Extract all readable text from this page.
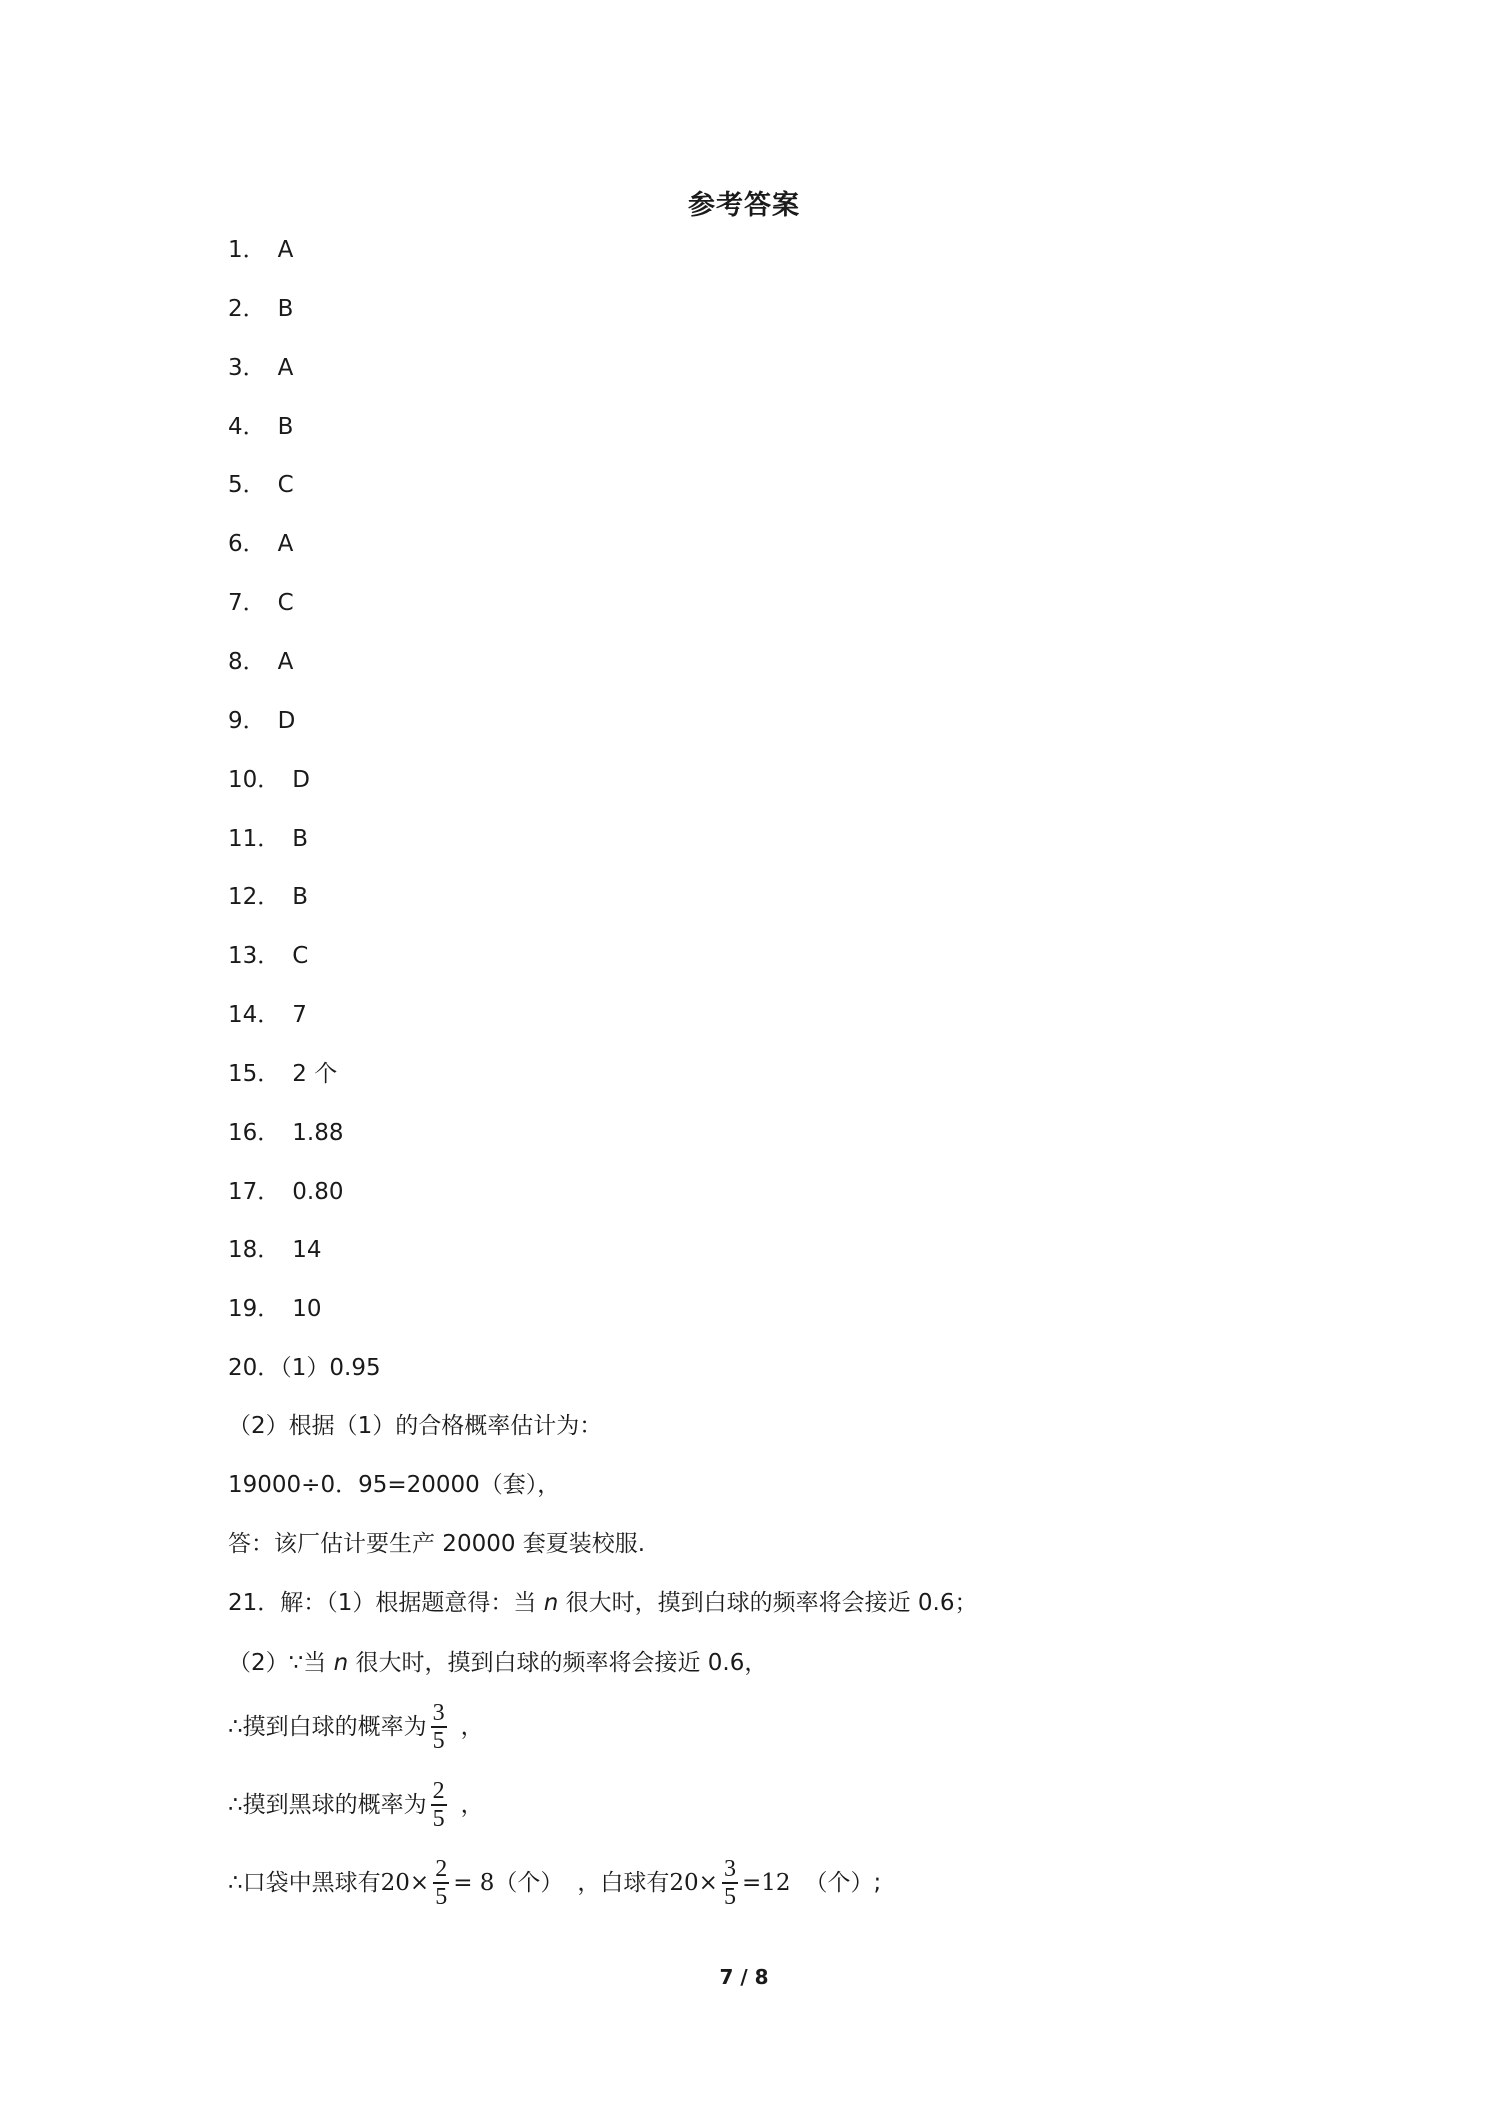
参考答案
1． A
2． B
3． A
4． B
5． C
6． A
7． C
8． A
9． D
10． D
11． B
12． B
13． C
14． 7
15． 2 个
16． 1.88
17． 0.80
18． 14
19． 10
20．（1）0.95
（2）根据（1）的合格概率估计为：
19000÷0．95=20000（套），
答：该厂估计要生产 20000 套夏装校服.
21．解：（1）根据题意得：当 n 很大时，摸到白球的频率将会接近 0.6；
（2）∵当 n 很大时，摸到白球的频率将会接近 0.6，
∴摸到白球的概率为 $\frac{3}{5}$ ，
∴摸到黑球的概率为 $\frac{2}{5}$ ，
∴口袋中黑球有 $20\times \frac{2}{5} = 8$ （个） ，白球有 $20\times \frac{3}{5} =12$ （个）;
7 / 8
